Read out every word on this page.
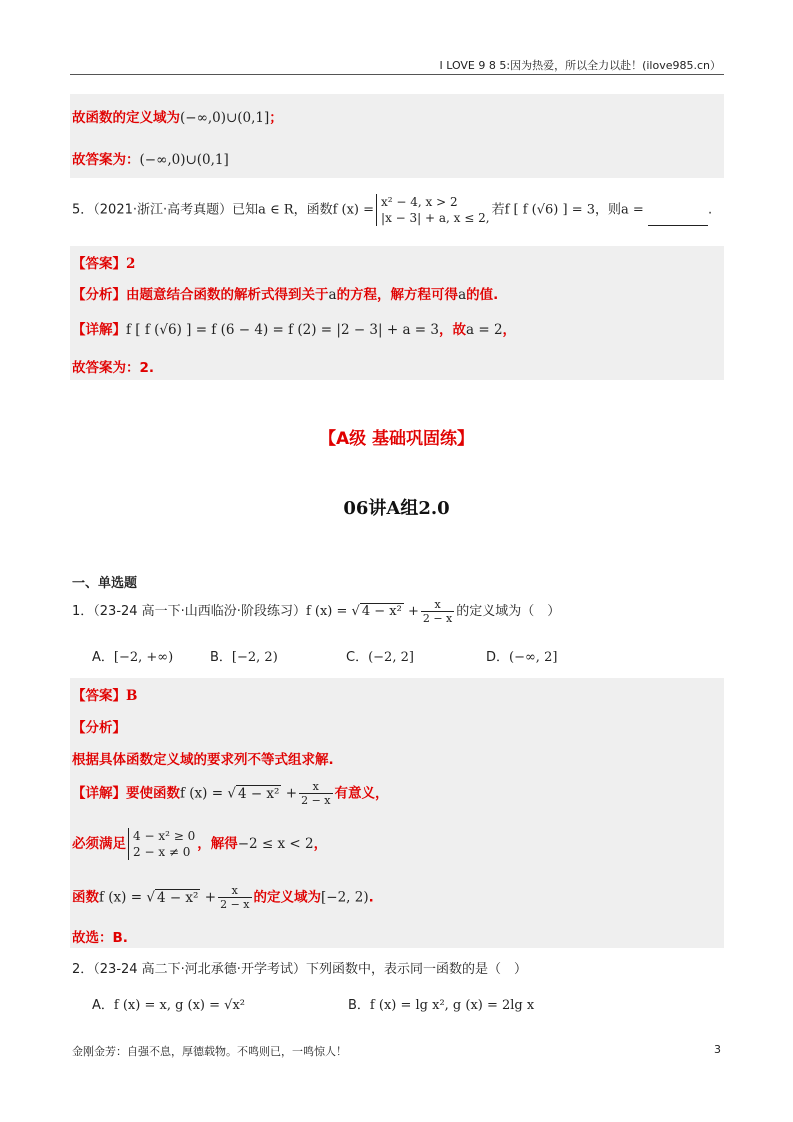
I LOVE 9 8 5:因为热爱，所以全力以赴！(ilove985.cn）
故函数的定义域为(−∞,0)∪(0,1]；
故答案为：(−∞,0)∪(0,1]
5．（2021·浙江·高考真题）已知a ∈ R，函数f (x) =
x² − 4, x > 2
|x − 3| + a, x ≤ 2,
若f [ f (√6) ] = 3，则a =	.
【答案】2
【分析】由题意结合函数的解析式得到关于a的方程，解方程可得a的值.
【详解】f [ f (√6) ] = f (6 − 4) = f (2) = |2 − 3| + a = 3，故a = 2，
故答案为：2.
【A级 基础巩固练】
06讲A组2.0
一、单选题
1．（23-24 高一下·山西临汾·阶段练习）f (x) = √ $4 - x^2 + \frac{x}{2 - x}$ 的定义域为（　）
A．[−2, +∞)	B．[−2, 2)	C．(−2, 2]	D．(−∞, 2]
【答案】B
【分析】
根据具体函数定义域的要求列不等式组求解.
【详解】要使函数f (x) = √ $4 - x^2 + \frac{x}{2 - x}$ 有意义，
必须满足 4 − x² ≥ 0
2 − x ≠ 0 ，解得−2 ≤ x < 2，
函数f (x) = √ $4 - x^2 + \frac{x}{2 - x}$ 的定义域为[−2, 2).
故选：B.
2．（23-24 高二下·河北承德·开学考试）下列函数中，表示同一函数的是（　）
A．f (x) = x, g (x) = √x²	B．f (x) = lg x², g (x) = 2lg x
金刚金芳：自强不息，厚德载物。不鸣则已，一鸣惊人！	3
